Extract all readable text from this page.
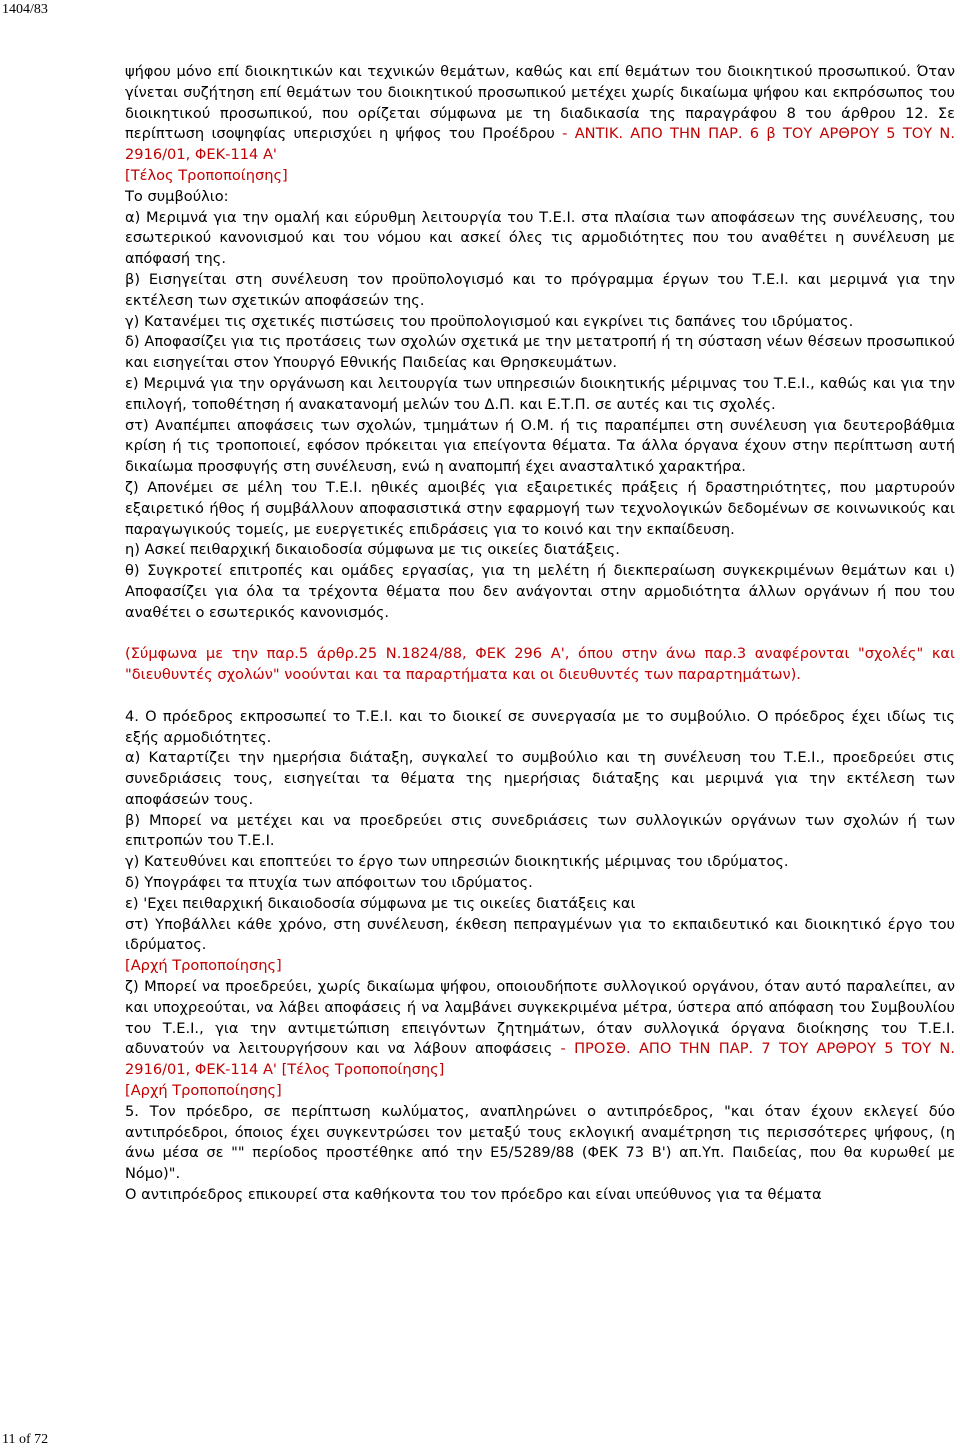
1404/83

ψήφου μόνο επί διοικητικών και τεχνικών θεμάτων, καθώς και επί θεμάτων του διοικητικού προσωπικού. Όταν γίνεται συζήτηση επί θεμάτων του διοικητικού προσωπικού μετέχει χωρίς δικαίωμα ψήφου και εκπρόσωπος του διοικητικού προσωπικού, που ορίζεται σύμφωνα με τη διαδικασία της παραγράφου 8 του άρθρου 12. Σε περίπτωση ισοψηφίας υπερισχύει η ψήφος του Προέδρου - ΑΝΤΙΚ. ΑΠΟ ΤΗΝ ΠΑΡ. 6 β ΤΟΥ ΑΡΘΡΟΥ 5 ΤΟΥ Ν. 2916/01, ΦΕΚ-114 Α'

[Τέλος Τροποποίησης]

Το συμβούλιο:

α) Μεριμνά για την ομαλή και εύρυθμη λειτουργία του Τ.Ε.Ι. στα πλαίσια των αποφάσεων της συνέλευσης, του εσωτερικού κανονισμού και του νόμου και ασκεί όλες τις αρμοδιότητες που του αναθέτει η συνέλευση με απόφασή της.

β) Εισηγείται στη συνέλευση τον προϋπολογισμό και το πρόγραμμα έργων του Τ.Ε.Ι. και μεριμνά για την εκτέλεση των σχετικών αποφάσεών της.

γ) Κατανέμει τις σχετικές πιστώσεις του προϋπολογισμού και εγκρίνει τις δαπάνες του ιδρύματος.

δ) Αποφασίζει για τις προτάσεις των σχολών σχετικά με την μετατροπή ή τη σύσταση νέων θέσεων προσωπικού και εισηγείται στον Υπουργό Εθνικής Παιδείας και Θρησκευμάτων.

ε) Μεριμνά για την οργάνωση και λειτουργία των υπηρεσιών διοικητικής μέριμνας του Τ.Ε.Ι., καθώς και για την επιλογή, τοποθέτηση ή ανακατανομή μελών του Δ.Π. και Ε.Τ.Π. σε αυτές και τις σχολές.

στ) Αναπέμπει αποφάσεις των σχολών, τμημάτων ή Ο.Μ. ή τις παραπέμπει στη συνέλευση για δευτεροβάθμια κρίση ή τις τροποποιεί, εφόσον πρόκειται για επείγοντα θέματα. Τα άλλα όργανα έχουν στην περίπτωση αυτή δικαίωμα προσφυγής στη συνέλευση, ενώ η αναπομπή έχει ανασταλτικό χαρακτήρα.

ζ) Απονέμει σε μέλη του Τ.Ε.Ι. ηθικές αμοιβές για εξαιρετικές πράξεις ή δραστηριότητες, που μαρτυρούν εξαιρετικό ήθος ή συμβάλλουν αποφασιστικά στην εφαρμογή των τεχνολογικών δεδομένων σε κοινωνικούς και παραγωγικούς τομείς, με ευεργετικές επιδράσεις για το κοινό και την εκπαίδευση.

η) Ασκεί πειθαρχική δικαιοδοσία σύμφωνα με τις οικείες διατάξεις.

θ) Συγκροτεί επιτροπές και ομάδες εργασίας, για τη μελέτη ή διεκπεραίωση συγκεκριμένων θεμάτων και ι) Αποφασίζει για όλα τα τρέχοντα θέματα που δεν ανάγονται στην αρμοδιότητα άλλων οργάνων ή που του αναθέτει ο εσωτερικός κανονισμός.

(Σύμφωνα με την παρ.5 άρθρ.25 Ν.1824/88, ΦΕΚ 296 Α', όπου στην άνω παρ.3 αναφέρονται "σχολές" και "διευθυντές σχολών" νοούνται και τα παραρτήματα και οι διευθυντές των παραρτημάτων).

4. Ο πρόεδρος εκπροσωπεί το Τ.Ε.Ι. και το διοικεί σε συνεργασία με το συμβούλιο. Ο πρόεδρος έχει ιδίως τις εξής αρμοδιότητες.

α) Καταρτίζει την ημερήσια διάταξη, συγκαλεί το συμβούλιο και τη συνέλευση του Τ.Ε.Ι., προεδρεύει στις συνεδριάσεις τους, εισηγείται τα θέματα της ημερήσιας διάταξης και μεριμνά για την εκτέλεση των αποφάσεών τους.

β) Μπορεί να μετέχει και να προεδρεύει στις συνεδριάσεις των συλλογικών οργάνων των σχολών ή των επιτροπών του Τ.Ε.Ι.

γ) Κατευθύνει και εποπτεύει το έργο των υπηρεσιών διοικητικής μέριμνας του ιδρύματος.

δ) Υπογράφει τα πτυχία των απόφοιτων του ιδρύματος.

ε) 'Εχει πειθαρχική δικαιοδοσία σύμφωνα με τις οικείες διατάξεις και

στ) Υποβάλλει κάθε χρόνο, στη συνέλευση, έκθεση πεπραγμένων για το εκπαιδευτικό και διοικητικό έργο του ιδρύματος.

[Αρχή Τροποποίησης]

ζ) Μπορεί να προεδρεύει, χωρίς δικαίωμα ψήφου, οποιουδήποτε συλλογικού οργάνου, όταν αυτό παραλείπει, αν και υποχρεούται, να λάβει αποφάσεις ή να λαμβάνει συγκεκριμένα μέτρα, ύστερα από απόφαση του Συμβουλίου του Τ.Ε.Ι., για την αντιμετώπιση επειγόντων ζητημάτων, όταν συλλογικά όργανα διοίκησης του Τ.Ε.Ι. αδυνατούν να λειτουργήσουν και να λάβουν αποφάσεις - ΠΡΟΣΘ. ΑΠΟ ΤΗΝ ΠΑΡ. 7 ΤΟΥ ΑΡΘΡΟΥ 5 ΤΟΥ Ν. 2916/01, ΦΕΚ-114 Α' [Τέλος Τροποποίησης]

[Αρχή Τροποποίησης]

5. Τον πρόεδρο, σε περίπτωση κωλύματος, αναπληρώνει ο αντιπρόεδρος, "και όταν έχουν εκλεγεί δύο αντιπρόεδροι, όποιος έχει συγκεντρώσει τον μεταξύ τους εκλογική αναμέτρηση τις περισσότερες ψήφους, (η άνω μέσα σε "" περίοδος προστέθηκε από την Ε5/5289/88 (ΦΕΚ 73 Β') απ.Υπ. Παιδείας, που θα κυρωθεί με Νόμο)".

Ο αντιπρόεδρος επικουρεί στα καθήκοντα του τον πρόεδρο και είναι υπεύθυνος για τα θέματα

11 of 72
